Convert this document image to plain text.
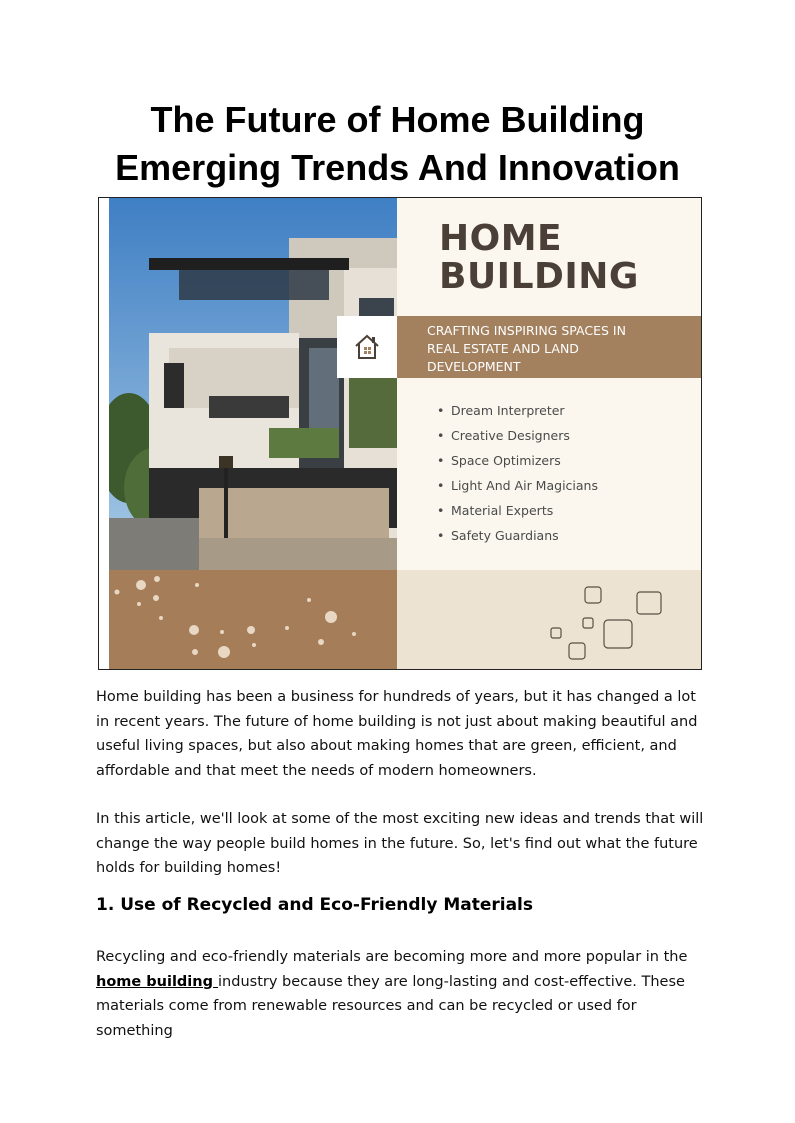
The Future of Home Building
Emerging Trends And Innovation
HOME
BUILDING
CRAFTING INSPIRING SPACES IN
REAL ESTATE AND LAND
DEVELOPMENT
• Dream Interpreter
• Creative Designers
• Space Optimizers
• Light And Air Magicians
• Material Experts
• Safety Guardians

Home building has been a business for hundreds of years, but it has changed a lot in recent years. The future of home building is not just about making beautiful and useful living spaces, but also about making homes that are green, efficient, and affordable and that meet the needs of modern homeowners.

In this article, we'll look at some of the most exciting new ideas and trends that will change the way people build homes in the future. So, let's find out what the future holds for building homes!

1. Use of Recycled and Eco-Friendly Materials

Recycling and eco-friendly materials are becoming more and more popular in the home building industry because they are long-lasting and cost-effective. These materials come from renewable resources and can be recycled or used for something
